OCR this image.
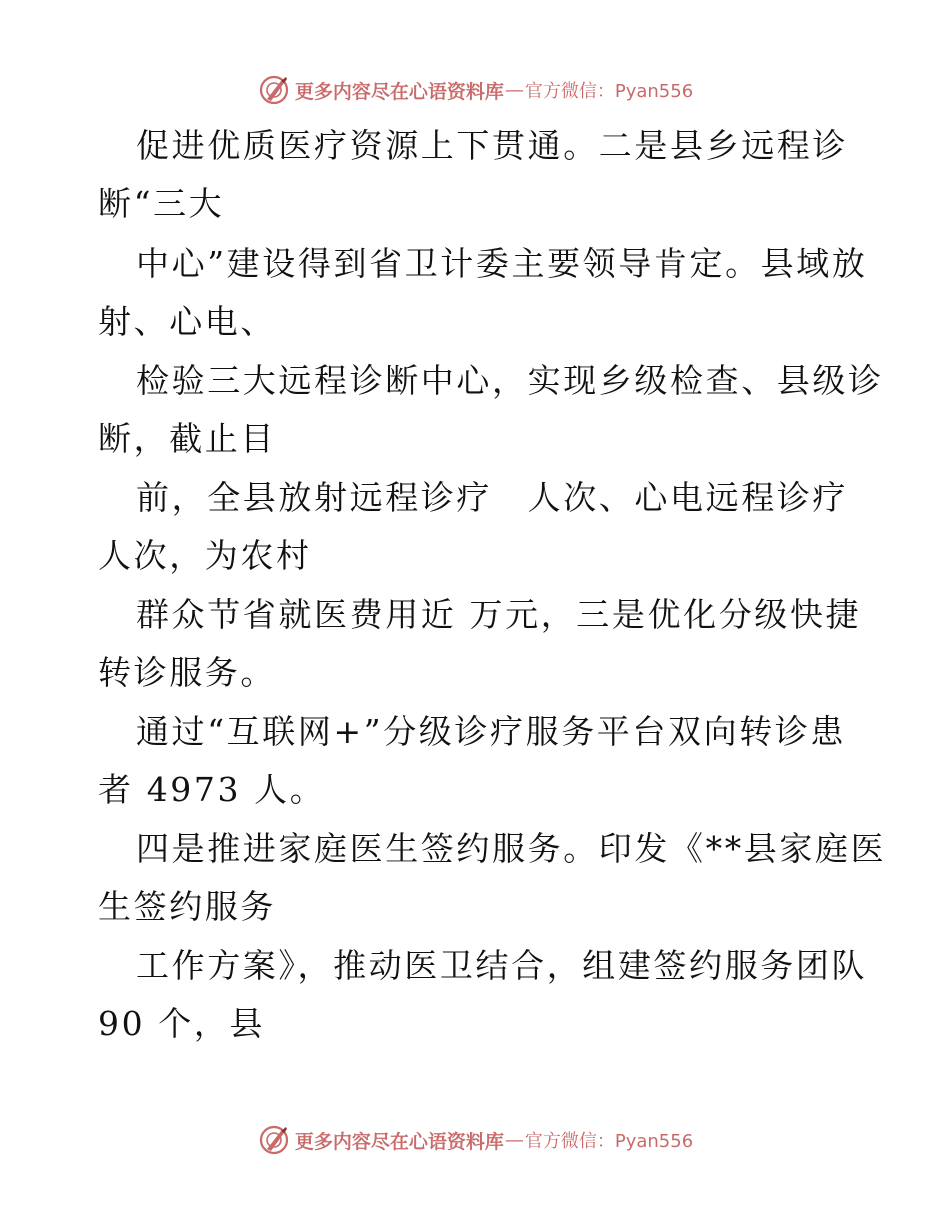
更多内容尽在心语资料库 — 官方微信：Pyan556
促进优质医疗资源上下贯通。二是县乡远程诊
断“三大
中心”建设得到省卫计委主要领导肯定。县域放
射、心电、
检验三大远程诊断中心，实现乡级检查、县级诊
断，截止目
前，全县放射远程诊疗　人次、心电远程诊疗
人次，为农村
群众节省就医费用近 万元，三是优化分级快捷
转诊服务。
通过“互联网+”分级诊疗服务平台双向转诊患
者 4973 人。
四是推进家庭医生签约服务。印发《**县家庭医
生签约服务
工作方案》，推动医卫结合，组建签约服务团队
90 个，县
更多内容尽在心语资料库 — 官方微信：Pyan556
